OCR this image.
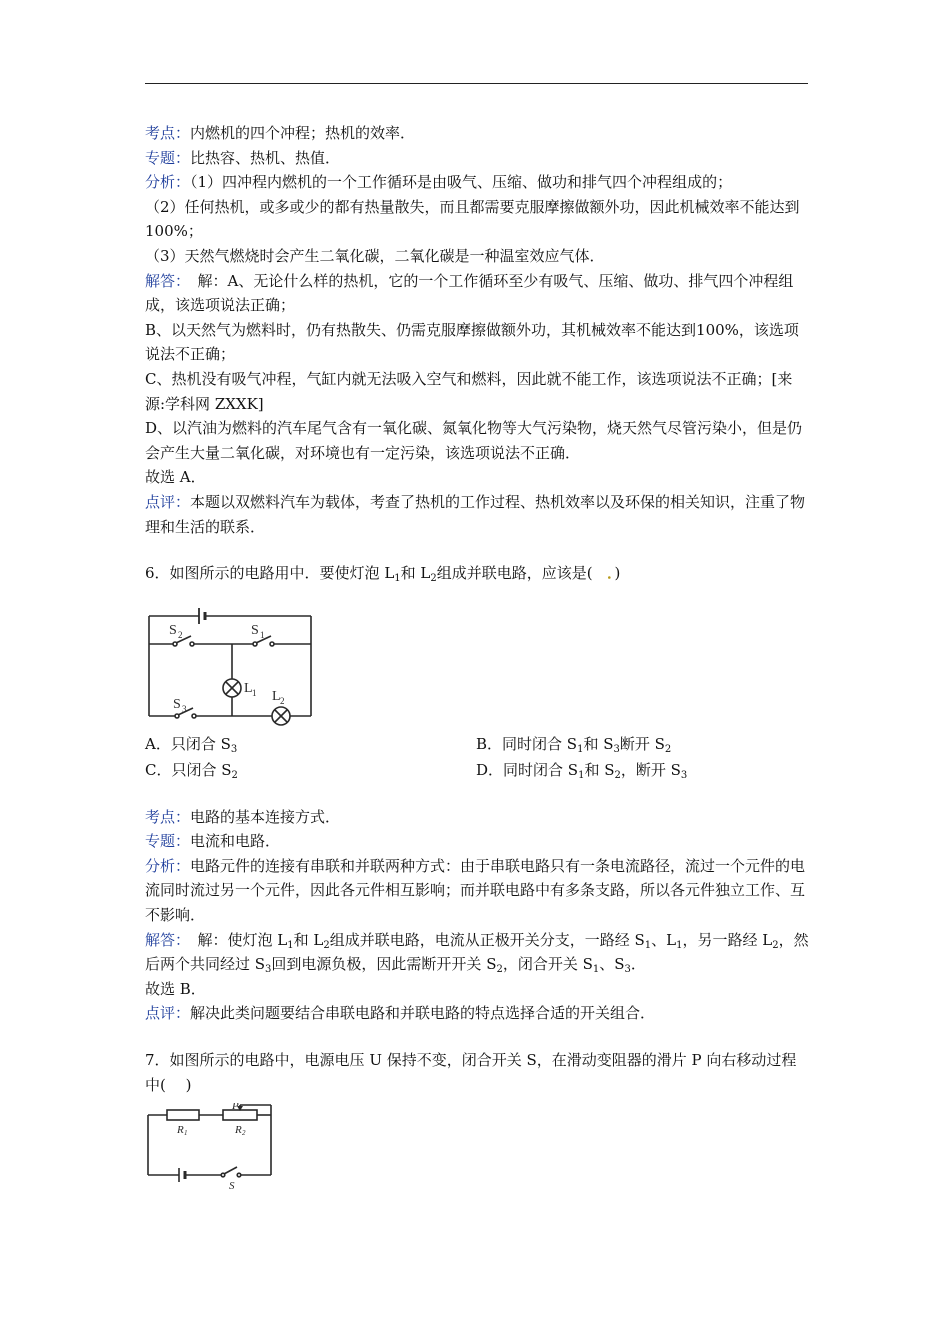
考点：内燃机的四个冲程；热机的效率．

专题：比热容、热机、热值．

分析：（1）四冲程内燃机的一个工作循环是由吸气、压缩、做功和排气四个冲程组成的；

（2）任何热机，或多或少的都有热量散失，而且都需要克服摩擦做额外功，因此机械效率不能达到100%；

（3）天然气燃烧时会产生二氧化碳，二氧化碳是一种温室效应气体．

解答：　解：A、无论什么样的热机，它的一个工作循环至少有吸气、压缩、做功、排气四个冲程组成，该选项说法正确；

B、以天然气为燃料时，仍有热散失、仍需克服摩擦做额外功，其机械效率不能达到100%，该选项说法不正确；

C、热机没有吸气冲程，气缸内就无法吸入空气和燃料，因此就不能工作，该选项说法不正确；[来源:学科网 ZXXK]

D、以汽油为燃料的汽车尾气含有一氧化碳、氮氧化物等大气污染物，烧天然气尽管污染小，但是仍会产生大量二氧化碳，对环境也有一定污染，该选项说法不正确．

故选 A．

点评：本题以双燃料汽车为载体，考查了热机的工作过程、热机效率以及环保的相关知识，注重了物理和生活的联系．

6．如图所示的电路用中．要使灯泡 $L_1$和 $L_2$组成并联电路，应该是( ．)

S 2	S 1
L 1
S 3
L 2

A．只闭合 $S_3$	B．同时闭合 $S_1$和 $S_3$断开 $S_2$

C．只闭合 $S_2$	D．同时闭合 $S_1$和 $S_2$，断开 $S_3$

考点：电路的基本连接方式．

专题：电流和电路．

分析：电路元件的连接有串联和并联两种方式：由于串联电路只有一条电流路径，流过一个元件的电流同时流过另一个元件，因此各元件相互影响；而并联电路中有多条支路，所以各元件独立工作、互不影响．

解答：　解：使灯泡 $L_1$和 $L_2$组成并联电路，电流从正极开关分支，一路经 $S_1$、$L_1$，另一路经 $L_2$，然后两个共同经过 $S_3$回到电源负极，因此需断开开关 $S_2$，闭合开关 $S_1$、$S_3$．

故选 B．

点评：解决此类问题要结合串联电路和并联电路的特点选择合适的开关组合．

7．如图所示的电路中，电源电压 U 保持不变，闭合开关 S，在滑动变阻器的滑片 P 向右移动过程中(　 )

P
R 1	R 2
S
